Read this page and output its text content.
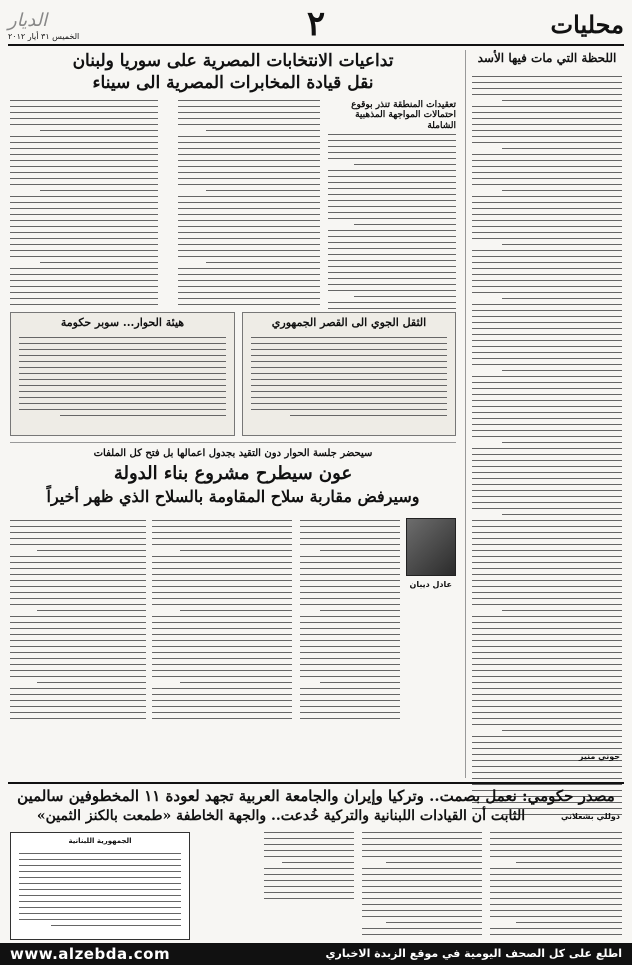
محليات
٢
الديار
الخميس ٣١ أيار ٢٠١٢
اللحظة التي مات فيها الأسد
جوني منير
تداعيات الانتخابات المصرية على سوريا ولبنان
نقل قيادة المخابرات المصرية الى سيناء
تعقيدات المنطقة تنذر بوقوع احتمالات المواجهة المذهبية الشاملة
هيئة الحوار... سوبر حكومة	الثقل الجوي الى القصر الجمهوري
سيحضر جلسة الحوار دون التقيد بجدول اعمالها بل فتح كل الملفات
عون سيطرح مشروع بناء الدولة
وسيرفض مقاربة سلاح المقاومة بالسلاح الذي ظهر أخيراً
عادل ديبان
مصدر حكومي: نعمل بصمت.. وتركيا وإيران والجامعة العربية تجهد لعودة ١١ المخطوفين سالمين
الثابت أن القيادات اللبنانية والتركية خُدعت.. والجهة الخاطفة «طمعت بالكنز الثمين»	دوللي بشعلاني
الجمهورية اللبنانية
www.alzebda.com	اطلع على كل الصحف اليومية في موقع الزبدة الاخباري
